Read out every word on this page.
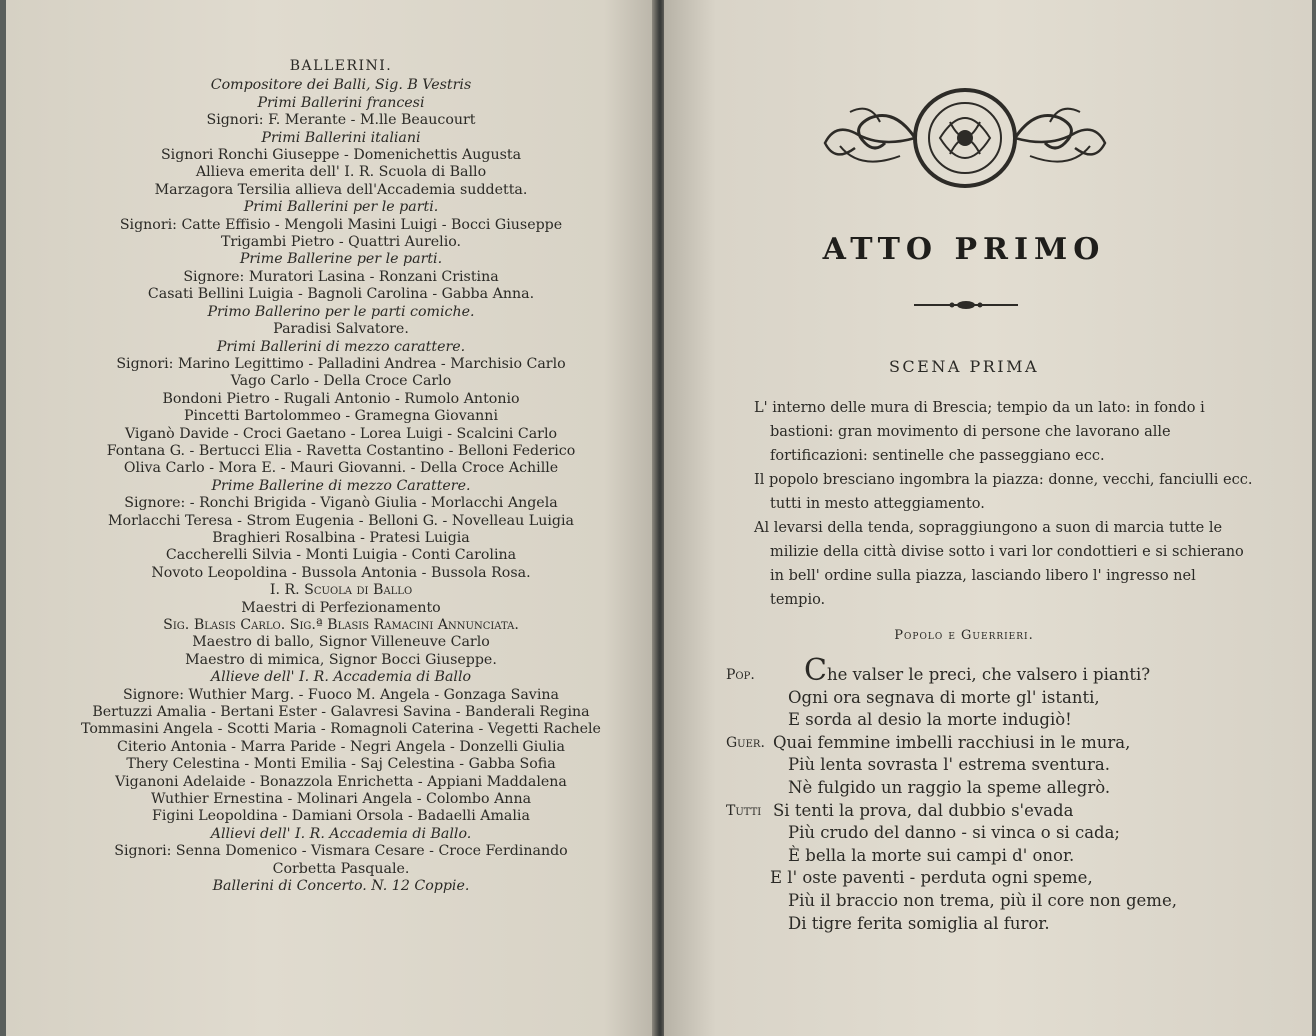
BALLERINI.
Compositore dei Balli, Sig. B Vestris
Primi Ballerini francesi
Signori: F. Merante - M.lle Beaucourt
Primi Ballerini italiani
Signori Ronchi Giuseppe - Domenichettis Augusta
Allieva emerita dell' I. R. Scuola di Ballo
Marzagora Tersilia allieva dell'Accademia suddetta.
Primi Ballerini per le parti.
Signori: Catte Effisio - Mengoli Masini Luigi - Bocci Giuseppe
Trigambi Pietro - Quattri Aurelio.
Prime Ballerine per le parti.
Signore: Muratori Lasina - Ronzani Cristina
Casati Bellini Luigia - Bagnoli Carolina - Gabba Anna.
Primo Ballerino per le parti comiche.
Paradisi Salvatore.
Primi Ballerini di mezzo carattere.
Signori: Marino Legittimo - Palladini Andrea - Marchisio Carlo
Vago Carlo - Della Croce Carlo
Bondoni Pietro - Rugali Antonio - Rumolo Antonio
Pincetti Bartolommeo - Gramegna Giovanni
Viganò Davide - Croci Gaetano - Lorea Luigi - Scalcini Carlo
Fontana G. - Bertucci Elia - Ravetta Costantino - Belloni Federico
Oliva Carlo - Mora E. - Mauri Giovanni. - Della Croce Achille
Prime Ballerine di mezzo Carattere.
Signore: - Ronchi Brigida - Viganò Giulia - Morlacchi Angela
Morlacchi Teresa - Strom Eugenia - Belloni G. - Novelleau Luigia
Braghieri Rosalbina - Pratesi Luigia
Caccherelli Silvia - Monti Luigia - Conti Carolina
Novoto Leopoldina - Bussola Antonia - Bussola Rosa.
I. R. Scuola di Ballo
Maestri di Perfezionamento
Sig. Blasis Carlo. Sig.ª Blasis Ramacini Annunciata.
Maestro di ballo, Signor Villeneuve Carlo
Maestro di mimica, Signor Bocci Giuseppe.
Allieve dell' I. R. Accademia di Ballo
Signore: Wuthier Marg. - Fuoco M. Angela - Gonzaga Savina
Bertuzzi Amalia - Bertani Ester - Galavresi Savina - Banderali Regina
Tommasini Angela - Scotti Maria - Romagnoli Caterina - Vegetti Rachele
Citerio Antonia - Marra Paride - Negri Angela - Donzelli Giulia
Thery Celestina - Monti Emilia - Saj Celestina - Gabba Sofia
Viganoni Adelaide - Bonazzola Enrichetta - Appiani Maddalena
Wuthier Ernestina - Molinari Angela - Colombo Anna
Figini Leopoldina - Damiani Orsola - Badaelli Amalia
Allievi dell' I. R. Accademia di Ballo.
Signori: Senna Domenico - Vismara Cesare - Croce Ferdinando
Corbetta Pasquale.
Ballerini di Concerto. N. 12 Coppie.
ATTO PRIMO
SCENA PRIMA

L' interno delle mura di Brescia; tempio da un lato: in fondo i bastioni: gran movimento di persone che lavorano alle fortificazioni: sentinelle che passeggiano ecc.

Il popolo bresciano ingombra la piazza: donne, vecchi, fanciulli ecc. tutti in mesto atteggiamento.

Al levarsi della tenda, sopraggiungono a suon di marcia tutte le milizie della città divise sotto i vari lor condottieri e si schierano in bell' ordine sulla piazza, lasciando libero l' ingresso nel tempio.

Popolo e Guerrieri.
Pop. Che valser le preci, che valsero i pianti?
Ogni ora segnava di morte gl' istanti,
E sorda al desio la morte indugiò!
Guer. Quai femmine imbelli racchiusi in le mura,
Più lenta sovrasta l' estrema sventura.
Nè fulgido un raggio la speme allegrò.
Tutti Si tenti la prova, dal dubbio s'evada
Più crudo del danno - si vinca o si cada;
È bella la morte sui campi d' onor.
E l' oste paventi - perduta ogni speme,
Più il braccio non trema, più il core non geme,
Di tigre ferita somiglia al furor.
